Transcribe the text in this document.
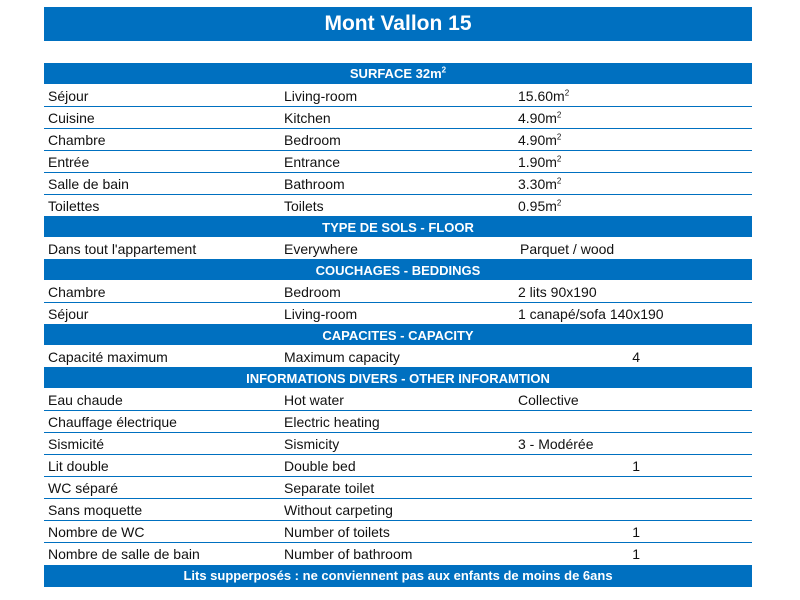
Mont Vallon 15
SURFACE $32m^2$
Séjour	Living-room	$15.60m^2$
Cuisine	Kitchen	$4.90m^2$
Chambre	Bedroom	$4.90m^2$
Entrée	Entrance	$1.90m^2$
Salle de bain	Bathroom	$3.30m^2$
Toilettes	Toilets	$0.95m^2$
TYPE DE SOLS - FLOOR
Dans tout l'appartement	Everywhere	Parquet / wood
COUCHAGES - BEDDINGS
Chambre	Bedroom	2 lits 90x190
Séjour	Living-room	1 canapé/sofa 140x190
CAPACITES - CAPACITY
Capacité maximum	Maximum capacity	4
INFORMATIONS DIVERS - OTHER INFORAMTION
Eau chaude	Hot water	Collective
Chauffage électrique	Electric heating
Sismicité	Sismicity	3 - Modérée
Lit double	Double bed	1
WC séparé	Separate toilet
Sans moquette	Without carpeting
Nombre de WC	Number of toilets	1
Nombre de salle de bain	Number of bathroom	1
Lits supperposés : ne conviennent pas aux enfants de moins de 6ans
